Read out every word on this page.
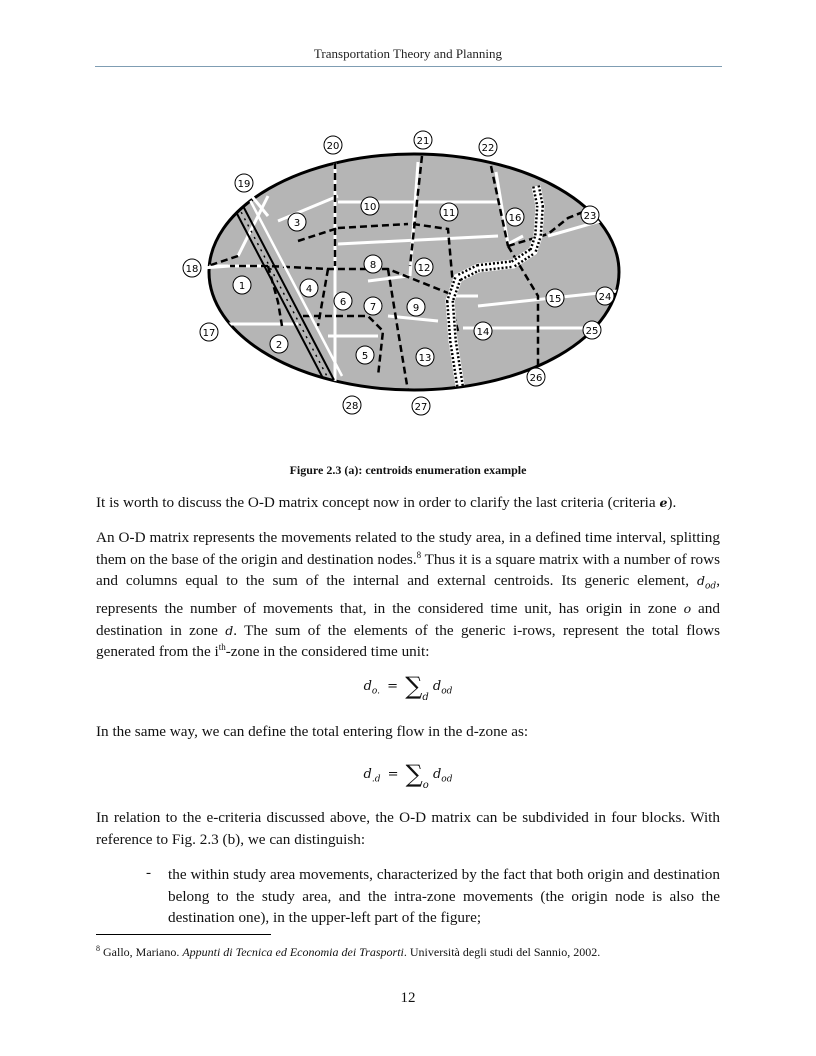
Transportation Theory and Planning
1
2
3
4
5
6 7
8
9
10
11
12
13
14
15
16
17
18
19
20	21
22
23
24
25
26
27
28
Figure 2.3 (a): centroids enumeration example
It is worth to discuss the O-D matrix concept now in order to clarify the last criteria (criteria e).
An O-D matrix represents the movements related to the study area, in a defined time interval, splitting them on the base of the origin and destination nodes.$^8$ Thus it is a square matrix with a number of rows and columns equal to the sum of the internal and external centroids. Its generic element, $d_{od}$, represents the number of movements that, in the considered time unit, has origin in zone o and destination in zone d. The sum of the elements of the generic i-rows, represent the total flows generated from the $i^{th}$-zone in the considered time unit:
$d_{o.} = \sum_d$ $d_{od}$
In the same way, we can define the total entering flow in the d-zone as:
$d_{.d} = \sum_o$ $d_{od}$
In relation to the e-criteria discussed above, the O-D matrix can be subdivided in four blocks. With reference to Fig. 2.3 (b), we can distinguish:
- the within study area movements, characterized by the fact that both origin and destination belong to the study area, and the intra-zone movements (the origin node is also the destination one), in the upper-left part of the figure;
$^8$ Gallo, Mariano. Appunti di Tecnica ed Economia dei Trasporti. Università degli studi del Sannio, 2002.
12
